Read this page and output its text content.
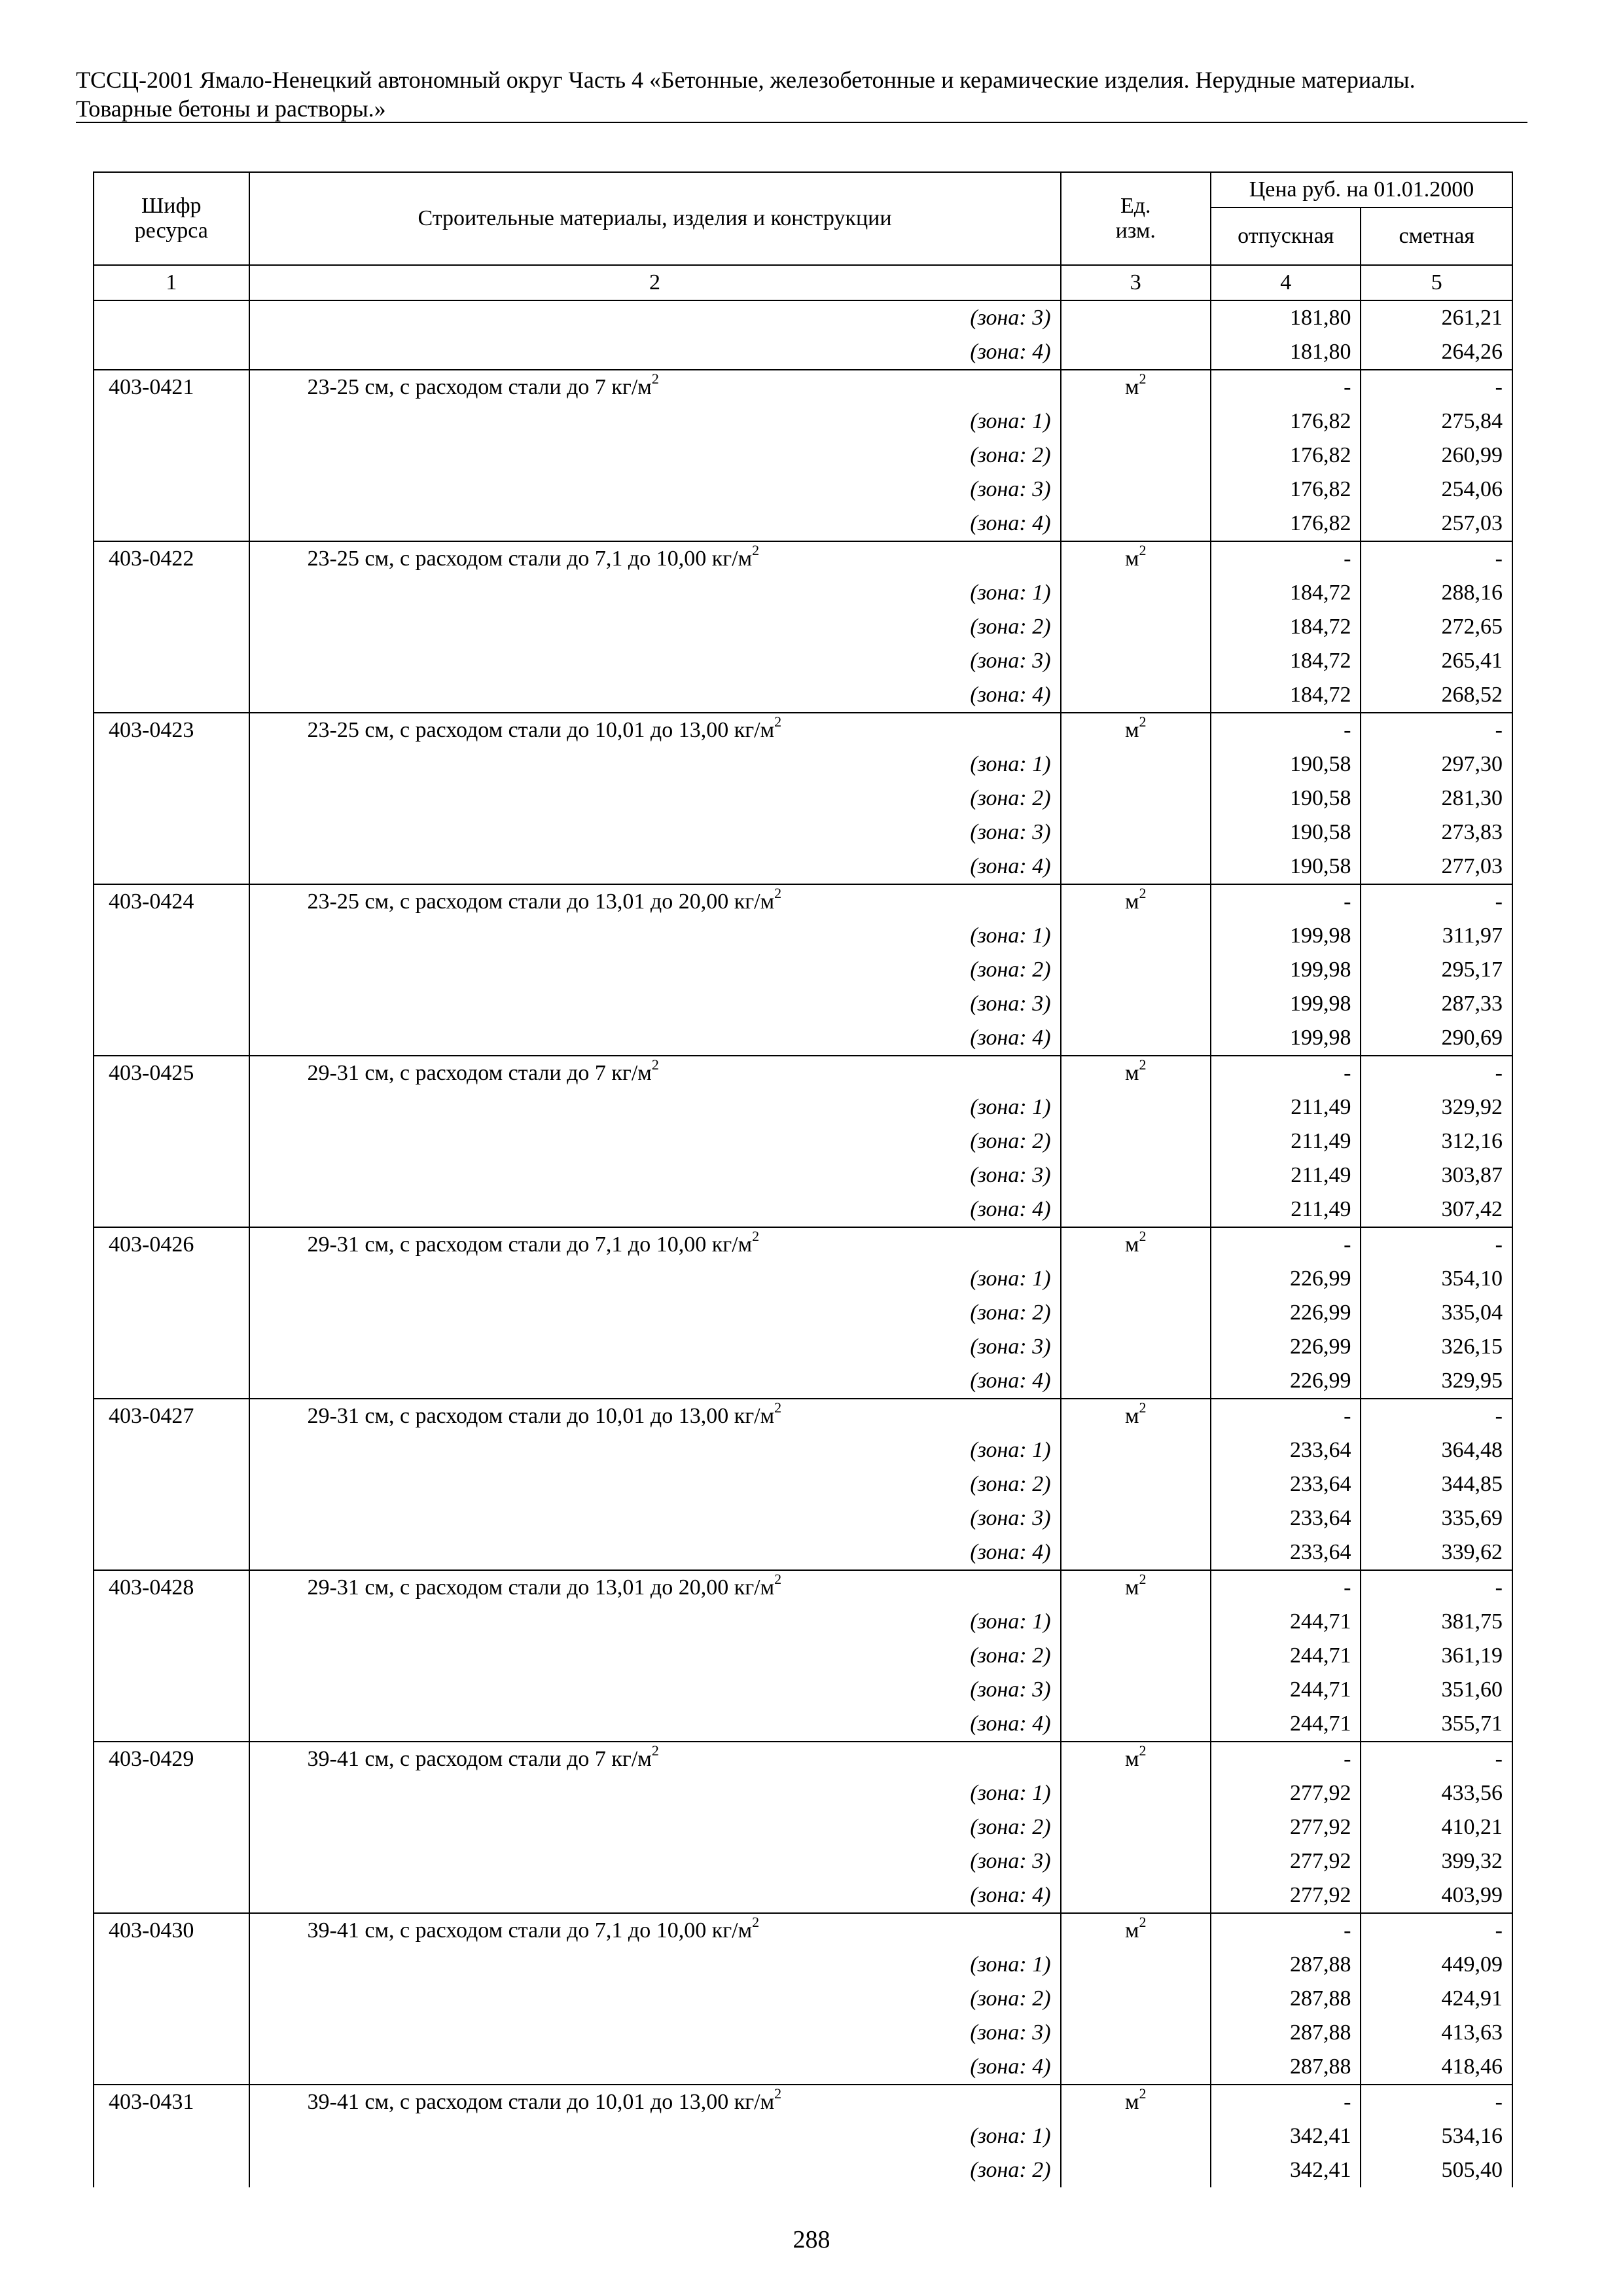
ТССЦ-2001 Ямало-Ненецкий автономный округ Часть 4 «Бетонные, железобетонные и керамические изделия. Нерудные материалы.
Товарные бетоны и растворы.»
Шифр ресурса	Строительные материалы, изделия и конструкции	Ед. изм.	Цена руб. на 01.01.2000	
			отпускная	сметная
1	2	3	4	5
	(зона: 3)		181,80	261,21
	(зона: 4)		181,80	264,26
403-0421	23-25 см, с расходом стали до 7 $кг/м^2$	$м^2$	-	-
	(зона: 1)		176,82	275,84
	(зона: 2)		176,82	260,99
	(зона: 3)		176,82	254,06
	(зона: 4)		176,82	257,03
403-0422	23-25 см, с расходом стали до 7,1 до 10,00 $кг/м^2$	$м^2$	-	-
	(зона: 1)		184,72	288,16
	(зона: 2)		184,72	272,65
	(зона: 3)		184,72	265,41
	(зона: 4)		184,72	268,52
403-0423	23-25 см, с расходом стали до 10,01 до 13,00 $кг/м^2$	$м^2$	-	-
	(зона: 1)		190,58	297,30
	(зона: 2)		190,58	281,30
	(зона: 3)		190,58	273,83
	(зона: 4)		190,58	277,03
403-0424	23-25 см, с расходом стали до 13,01 до 20,00 $кг/м^2$	$м^2$	-	-
	(зона: 1)		199,98	311,97
	(зона: 2)		199,98	295,17
	(зона: 3)		199,98	287,33
	(зона: 4)		199,98	290,69
403-0425	29-31 см, с расходом стали до 7 $кг/м^2$	$м^2$	-	-
	(зона: 1)		211,49	329,92
	(зона: 2)		211,49	312,16
	(зона: 3)		211,49	303,87
	(зона: 4)		211,49	307,42
403-0426	29-31 см, с расходом стали до 7,1 до 10,00 $кг/м^2$	$м^2$	-	-
	(зона: 1)		226,99	354,10
	(зона: 2)		226,99	335,04
	(зона: 3)		226,99	326,15
	(зона: 4)		226,99	329,95
403-0427	29-31 см, с расходом стали до 10,01 до 13,00 $кг/м^2$	$м^2$	-	-
	(зона: 1)		233,64	364,48
	(зона: 2)		233,64	344,85
	(зона: 3)		233,64	335,69
	(зона: 4)		233,64	339,62
403-0428	29-31 см, с расходом стали до 13,01 до 20,00 $кг/м^2$	$м^2$	-	-
	(зона: 1)		244,71	381,75
	(зона: 2)		244,71	361,19
	(зона: 3)		244,71	351,60
	(зона: 4)		244,71	355,71
403-0429	39-41 см, с расходом стали до 7 $кг/м^2$	$м^2$	-	-
	(зона: 1)		277,92	433,56
	(зона: 2)		277,92	410,21
	(зона: 3)		277,92	399,32
	(зона: 4)		277,92	403,99
403-0430	39-41 см, с расходом стали до 7,1 до 10,00 $кг/м^2$	$м^2$	-	-
	(зона: 1)		287,88	449,09
	(зона: 2)		287,88	424,91
	(зона: 3)		287,88	413,63
	(зона: 4)		287,88	418,46
403-0431	39-41 см, с расходом стали до 10,01 до 13,00 $кг/м^2$	$м^2$	-	-
	(зона: 1)		342,41	534,16
	(зона: 2)		342,41	505,40
288
